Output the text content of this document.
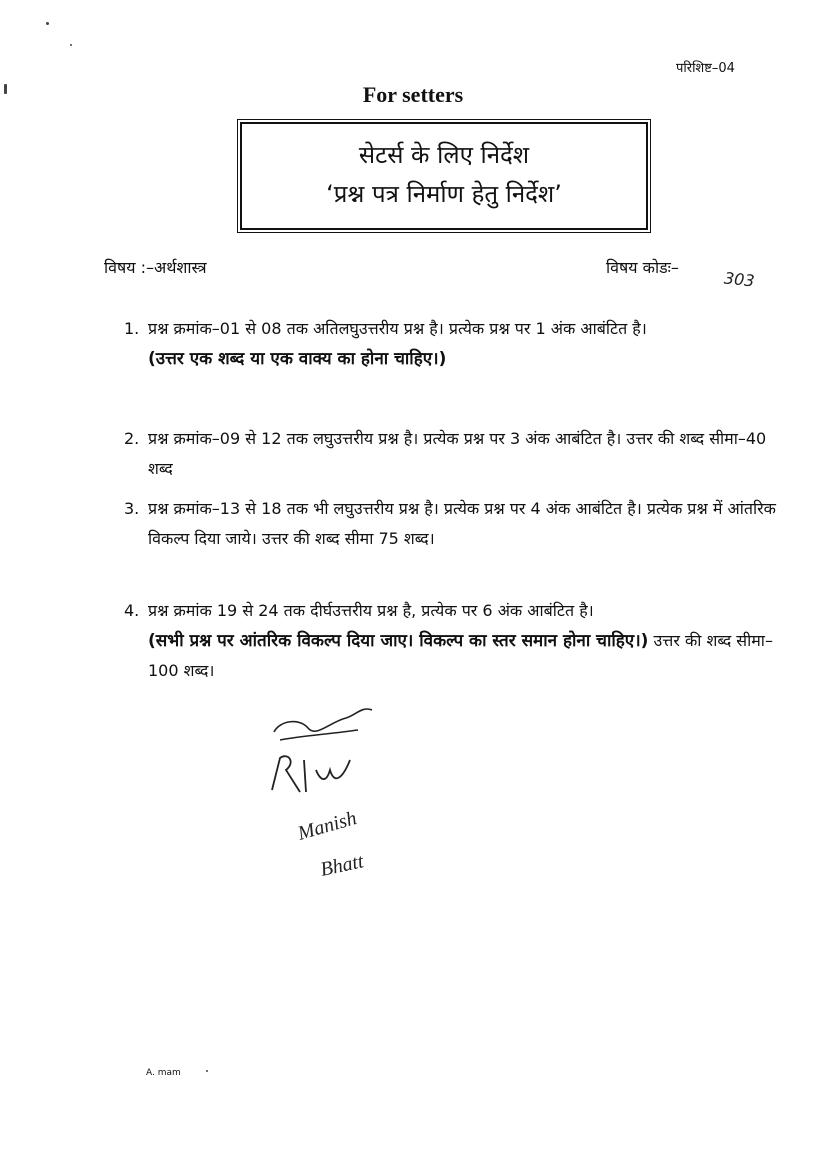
परिशिष्ट–04
For setters
सेटर्स के लिए निर्देश
‘प्रश्न पत्र निर्माण हेतु निर्देश’
विषय :–अर्थशास्त्र	विषय कोडः–
303
1. प्रश्न क्रमांक–01 से 08 तक अतिलघुउत्तरीय प्रश्न है। प्रत्येक प्रश्न पर 1 अंक आबंटित है।
(उत्तर एक शब्द या एक वाक्य का होना चाहिए।)
2. प्रश्न क्रमांक–09 से 12 तक लघुउत्तरीय प्रश्न है। प्रत्येक प्रश्न पर 3 अंक आबंटित है। उत्तर की शब्द सीमा–40 शब्द
3. प्रश्न क्रमांक–13 से 18 तक भी लघुउत्तरीय प्रश्न है। प्रत्येक प्रश्न पर 4 अंक आबंटित है। प्रत्येक प्रश्न में आंतरिक विकल्प दिया जाये। उत्तर की शब्द सीमा 75 शब्द।
4. प्रश्न क्रमांक 19 से 24 तक दीर्घउत्तरीय प्रश्न है, प्रत्येक पर 6 अंक आबंटित है।
(सभी प्रश्न पर आंतरिक विकल्प दिया जाए। विकल्प का स्तर समान होना चाहिए।) उत्तर की शब्द सीमा– 100 शब्द।
Manish
Bhatt
A. mam
